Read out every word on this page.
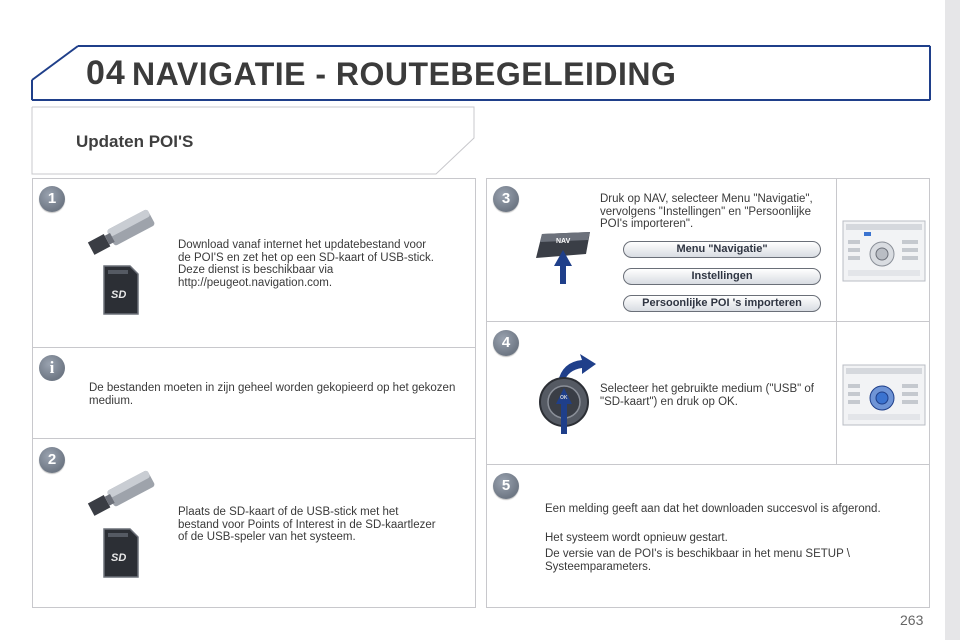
04 NAVIGATIE - ROUTEBEGELEIDING
Updaten POI'S
1
SD
Download vanaf internet het updatebestand voor de POI'S en zet het op een SD-kaart of USB-stick. Deze dienst is beschikbaar via http://peugeot.navigation.com.
i
De bestanden moeten in zijn geheel worden gekopieerd op het gekozen medium.
2
SD
Plaats de SD-kaart of de USB-stick met het bestand voor Points of Interest in de SD-kaartlezer of de USB-speler van het systeem.
3
NAV
Druk op NAV, selecteer Menu "Navigatie", vervolgens "Instellingen" en "Persoonlijke POI's importeren".
Menu "Navigatie"
Instellingen
Persoonlijke POI 's importeren
4
OK
Selecteer het gebruikte medium ("USB" of "SD-kaart") en druk op OK.
5
Een melding geeft aan dat het downloaden succesvol is afgerond.
Het systeem wordt opnieuw gestart.
De versie van de POI's is beschikbaar in het menu SETUP \ Systeemparameters.
263
